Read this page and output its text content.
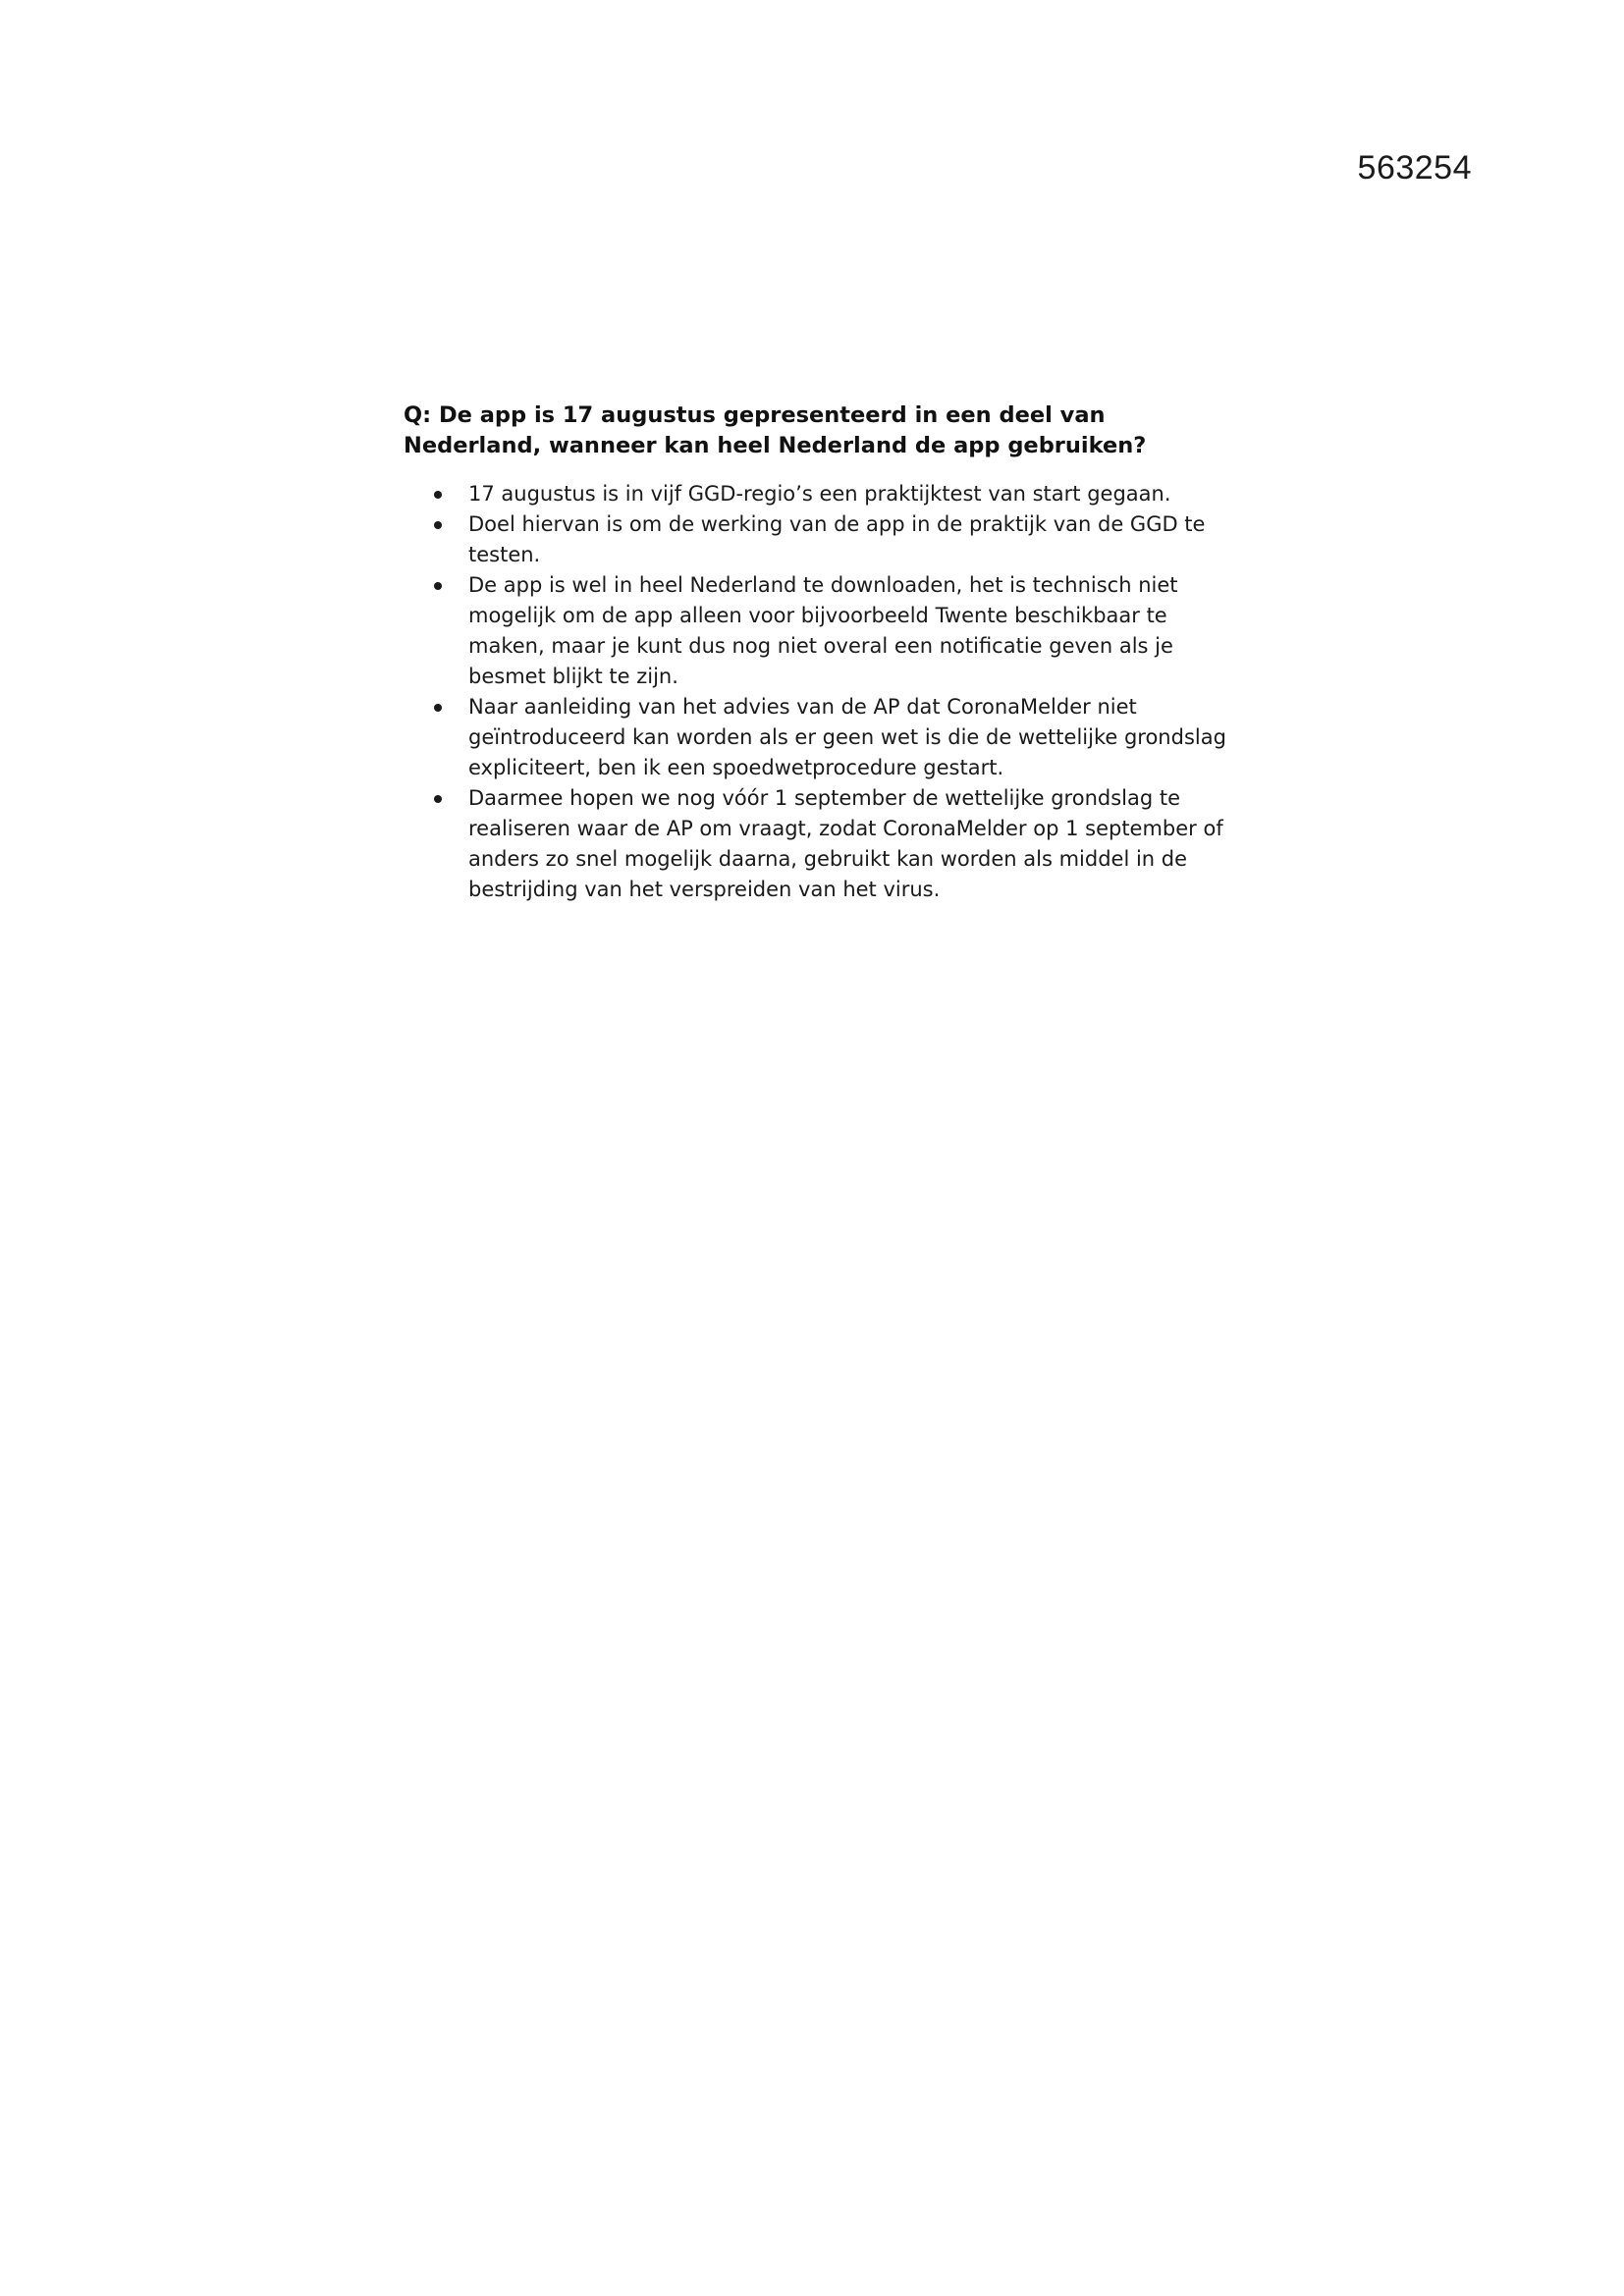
563254

Q: De app is 17 augustus gepresenteerd in een deel van Nederland, wanneer kan heel Nederland de app gebruiken?

17 augustus is in vijf GGD-regio’s een praktijktest van start gegaan.
Doel hiervan is om de werking van de app in de praktijk van de GGD te testen.
De app is wel in heel Nederland te downloaden, het is technisch niet mogelijk om de app alleen voor bijvoorbeeld Twente beschikbaar te maken, maar je kunt dus nog niet overal een notificatie geven als je besmet blijkt te zijn.
Naar aanleiding van het advies van de AP dat CoronaMelder niet geïntroduceerd kan worden als er geen wet is die de wettelijke grondslag expliciteert, ben ik een spoedwetprocedure gestart.
Daarmee hopen we nog vóór 1 september de wettelijke grondslag te realiseren waar de AP om vraagt, zodat CoronaMelder op 1 september of anders zo snel mogelijk daarna, gebruikt kan worden als middel in de bestrijding van het verspreiden van het virus.
